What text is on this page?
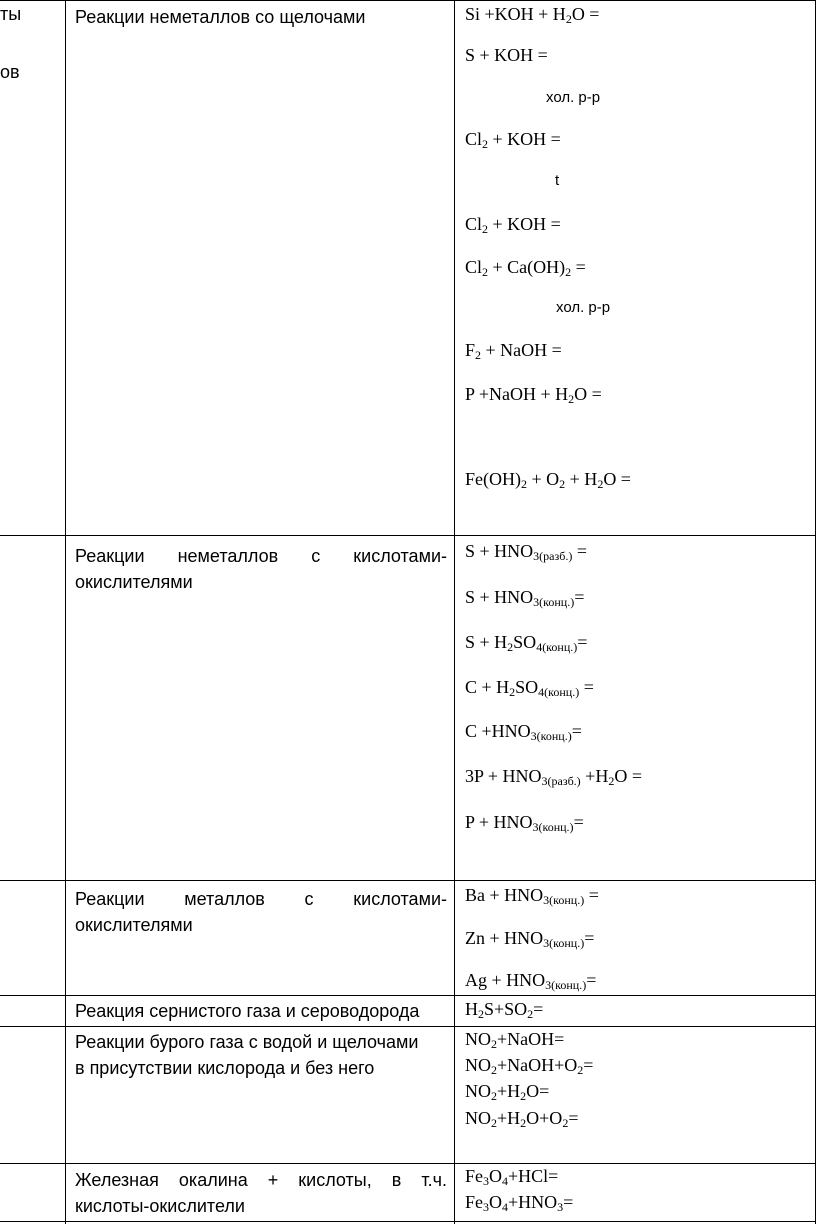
ты
ов
Реакции неметаллов со щелочами	$Si +KOH + H_2O$ =
S + KOH =
хол. р-р
$Cl_2$ + KOH =
t
$Cl_2$ + KOH =
$Cl_2 + Ca(OH)_2$ =
хол. р-р
$F_2$ + NaOH =
P +NaOH + $H_2O$ =
$Fe(OH)_2 + O_2 + H_2O$ =
Реакции неметаллов с кислотами-
окислителями
$S + HNO_{3(разб.)}$ =
$S + HNO_{3(конц.)}=$
$S + H_2SO_{4(конц.)}=$
$C + H_2SO_{4(конц.)}$ =
$C +HNO_{3(конц.)}=$
$3P + HNO_{3(разб.)} +H_2O$ =
$P + HNO_{3(конц.)}=$
Реакции металлов с кислотами-
окислителями
$Ba + HNO_{3(конц.)}$ =
$Zn + HNO_{3(конц.)}=$
$Ag + HNO_{3(конц.)}=$
Реакция сернистого газа и сероводорода	$H_2S+SO_2=$
Реакции бурого газа с водой и щелочами
в присутствии кислорода и без него
$NO_2+NaOH=$
$NO_2+NaOH+O_2=$
$NO_2+H_2O=$
$NO_2+H_2O+O_2=$
Железная окалина + кислоты, в т.ч.
кислоты-окислители
$Fe_3O_4+HCl=$
$Fe_3O_4+HNO_3=$
